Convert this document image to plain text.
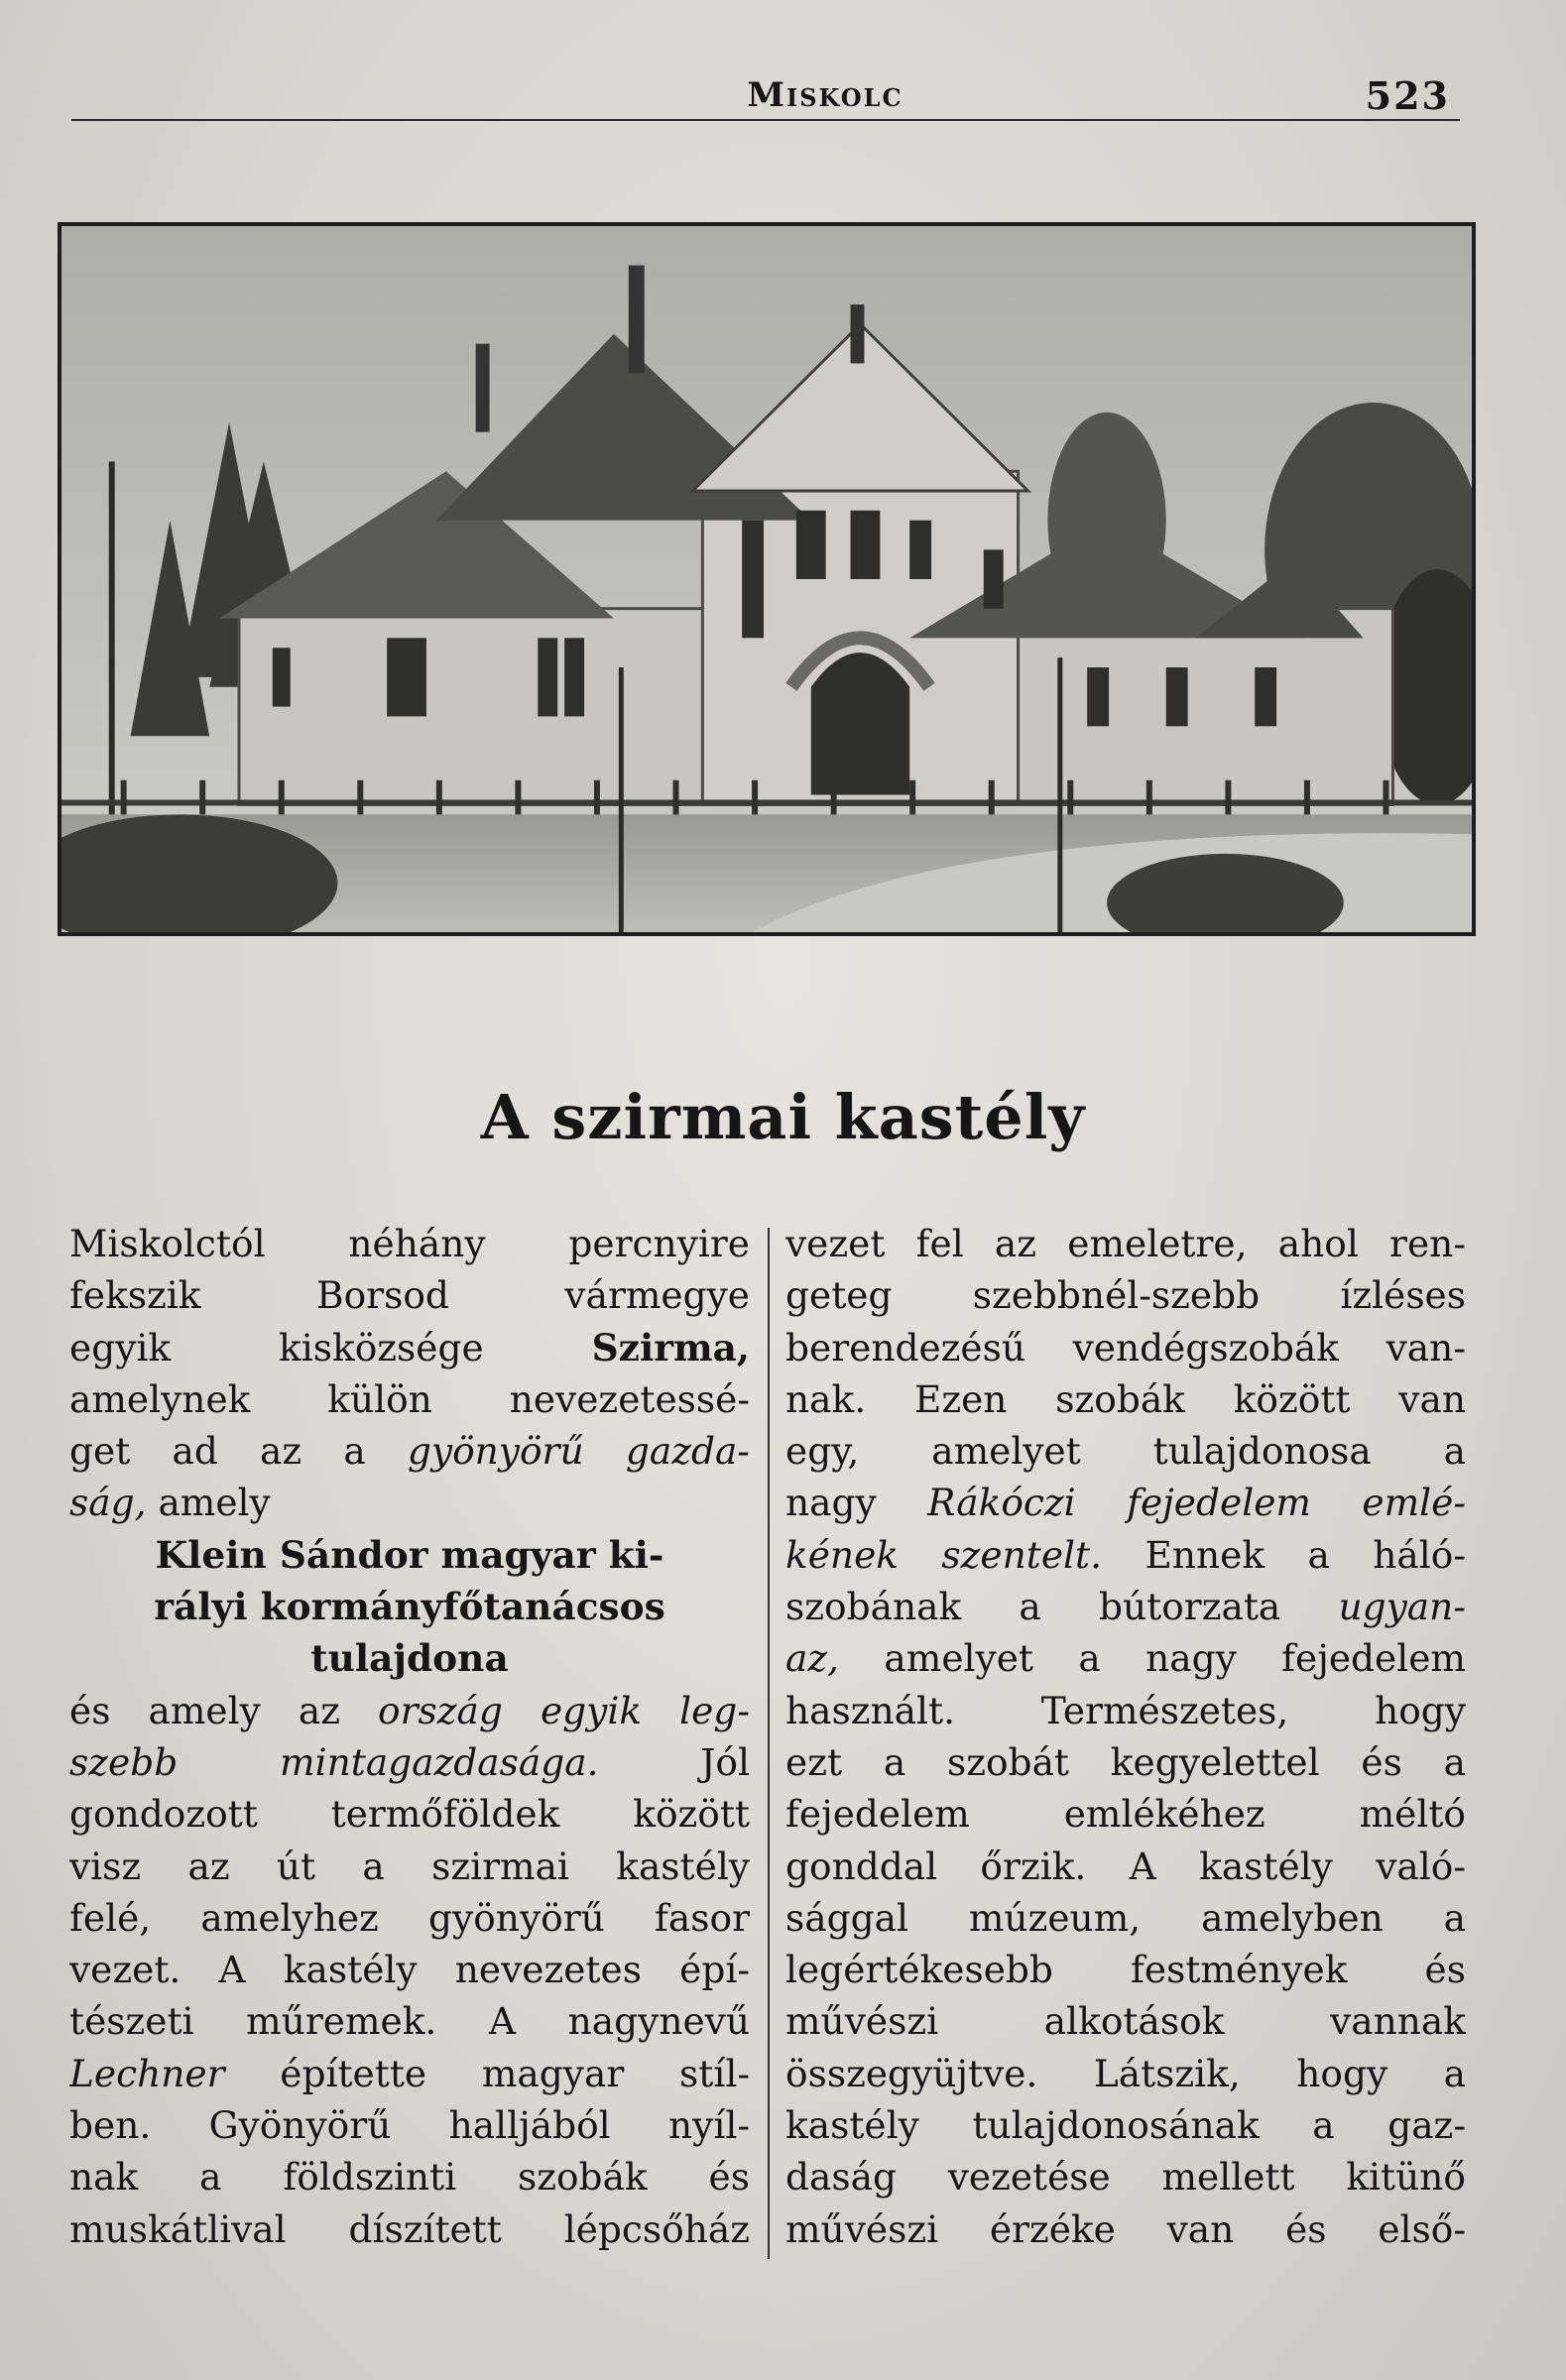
Miskolc	523
A szirmai kastély
Miskolctól néhány percnyire
fekszik Borsod vármegye
egyik kisközsége Szirma,
amelynek külön nevezetessé-
get ad az a gyönyörű gazda-
ság, amely
Klein Sándor magyar ki-
rályi kormányfőtanácsos
tulajdona
és amely az ország egyik leg-
szebb mintagazdasága. Jól
gondozott termőföldek között
visz az út a szirmai kastély
felé, amelyhez gyönyörű fasor
vezet. A kastély nevezetes épí-
tészeti műremek. A nagynevű
Lechner építette magyar stíl-
ben. Gyönyörű halljából nyíl-
nak a földszinti szobák és
muskátlival díszített lépcsőház
vezet fel az emeletre, ahol ren-
geteg szebbnél-szebb ízléses
berendezésű vendégszobák van-
nak. Ezen szobák között van
egy, amelyet tulajdonosa a
nagy Rákóczi fejedelem emlé-
kének szentelt. Ennek a háló-
szobának a bútorzata ugyan-
az, amelyet a nagy fejedelem
használt. Természetes, hogy
ezt a szobát kegyelettel és a
fejedelem emlékéhez méltó
gonddal őrzik. A kastély való-
sággal múzeum, amelyben a
legértékesebb festmények és
művészi alkotások vannak
összegyüjtve. Látszik, hogy a
kastély tulajdonosának a gaz-
daság vezetése mellett kitünő
művészi érzéke van és első-
